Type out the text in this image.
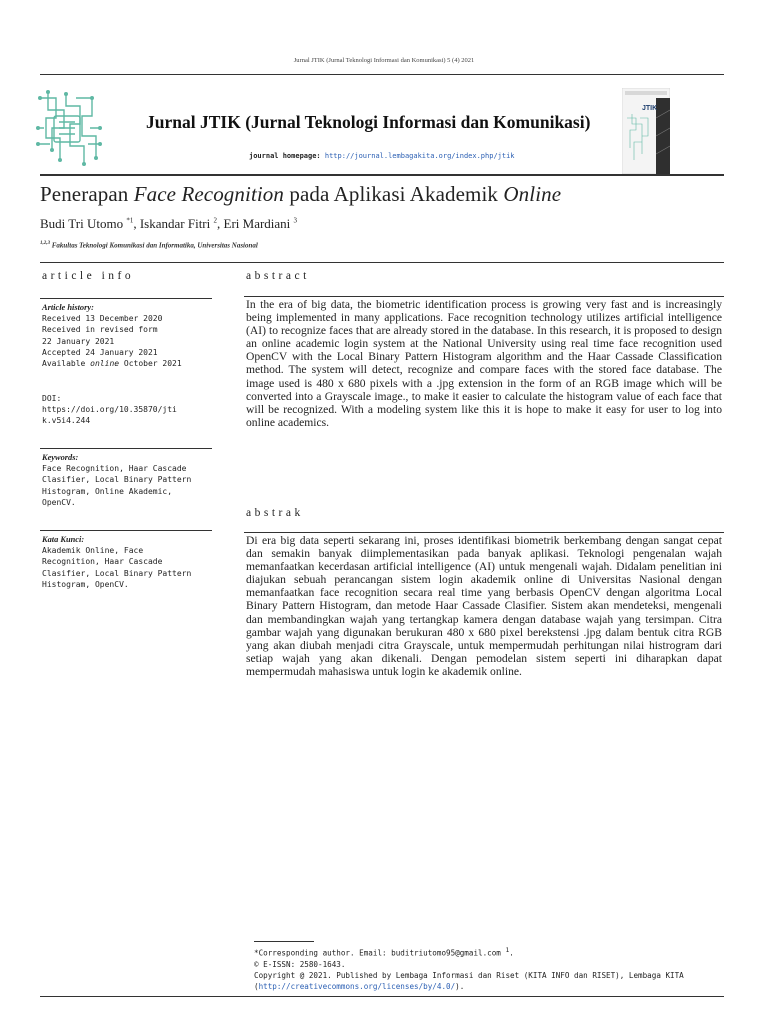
Jurnal JTIK (Jurnal Teknologi Informasi dan Komunikasi) 5 (4) 2021
Jurnal JTIK (Jurnal Teknologi Informasi dan Komunikasi)
journal homepage: http://journal.lembagakita.org/index.php/jtik
JTIK
Penerapan Face Recognition pada Aplikasi Akademik Online
Budi Tri Utomo $^{*1}$, Iskandar Fitri $^2$, Eri Mardiani $^3$
$^{1,2,3}$ Fakultas Teknologi Komunikasi dan Informatika, Universitas Nasional
article info
Article history:
Received 13 December 2020
Received in revised form
22 January 2021
Accepted 24 January 2021
Available online October 2021
DOI:
https://doi.org/10.35870/jti
k.v5i4.244
Keywords:
Face Recognition, Haar Cascade
Clasifier, Local Binary Pattern
Histogram, Online Akademic,
OpenCV.
Kata Kunci:
Akademik Online, Face
Recognition, Haar Cascade
Clasifier, Local Binary Pattern
Histogram, OpenCV.
abstract
In the era of big data, the biometric identification process is growing very fast and is increasingly being implemented in many applications. Face recognition technology utilizes artificial intelligence (AI) to recognize faces that are already stored in the database. In this research, it is proposed to design an online academic login system at the National University using real time face recognition used OpenCV with the Local Binary Pattern Histogram algorithm and the Haar Cassade Classification method. The system will detect, recognize and compare faces with the stored face database. The image used is 480 x 680 pixels with a .jpg extension in the form of an RGB image which will be converted into a Grayscale image., to make it easier to calculate the histogram value of each face that will be recognized. With a modeling system like this it is hope to make it easy for user to log into online academics.
abstrak
Di era big data seperti sekarang ini, proses identifikasi biometrik berkembang dengan sangat cepat dan semakin banyak diimplementasikan pada banyak aplikasi. Teknologi pengenalan wajah memanfaatkan kecerdasan artificial intelligence (AI) untuk mengenali wajah. Didalam penelitian ini diajukan sebuah perancangan sistem login akademik online di Universitas Nasional dengan memanfaatkan face recognition secara real time yang berbasis OpenCV dengan algoritma Local Binary Pattern Histogram, dan metode Haar Cassade Clasifier. Sistem akan mendeteksi, mengenali dan membandingkan wajah yang tertangkap kamera dengan database wajah yang tersimpan. Citra gambar wajah yang digunakan berukuran 480 x 680 pixel berekstensi .jpg dalam bentuk citra RGB yang akan diubah menjadi citra Grayscale, untuk mempermudah perhitungan nilai histrogram dari setiap wajah yang akan dikenali. Dengan pemodelan sistem seperti ini diharapkan dapat mempermudah mahasiswa untuk login ke akademik online.
*Corresponding author. Email: buditriutomo95@gmail.com $^1$.
© E-ISSN: 2580-1643.
Copyright @ 2021. Published by Lembaga Informasi dan Riset (KITA INFO dan RISET), Lembaga KITA
(http://creativecommons.org/licenses/by/4.0/).
